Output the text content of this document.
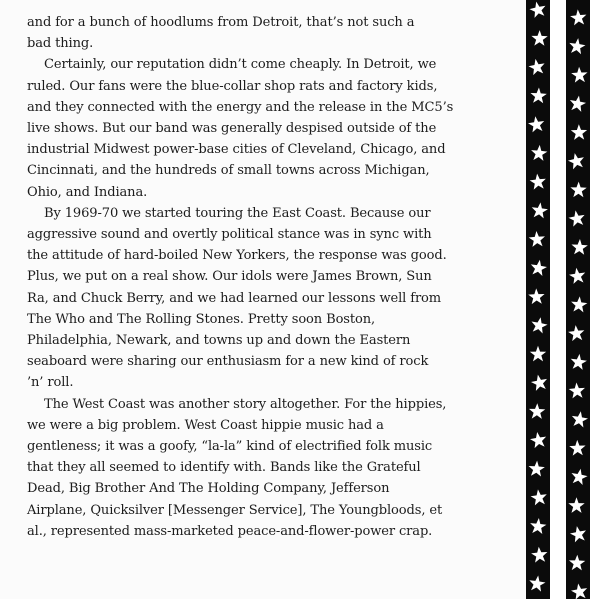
and for a bunch of hoodlums from Detroit, that’s not such a
bad thing.

Certainly, our reputation didn’t come cheaply. In Detroit, we
ruled. Our fans were the blue-collar shop rats and factory kids,
and they connected with the energy and the release in the MC5’s
live shows. But our band was generally despised outside of the
industrial Midwest power-base cities of Cleveland, Chicago, and
Cincinnati, and the hundreds of small towns across Michigan,
Ohio, and Indiana.

By 1969-70 we started touring the East Coast. Because our
aggressive sound and overtly political stance was in sync with
the attitude of hard-boiled New Yorkers, the response was good.
Plus, we put on a real show. Our idols were James Brown, Sun
Ra, and Chuck Berry, and we had learned our lessons well from
The Who and The Rolling Stones. Pretty soon Boston,
Philadelphia, Newark, and towns up and down the Eastern
seaboard were sharing our enthusiasm for a new kind of rock
’n’ roll.

The West Coast was another story altogether. For the hippies,
we were a big problem. West Coast hippie music had a
gentleness; it was a goofy, “la-la” kind of electrified folk music
that they all seemed to identify with. Bands like the Grateful
Dead, Big Brother And The Holding Company, Jefferson
Airplane, Quicksilver [Messenger Service], The Youngbloods, et
al., represented mass-marketed peace-and-flower-power crap.
